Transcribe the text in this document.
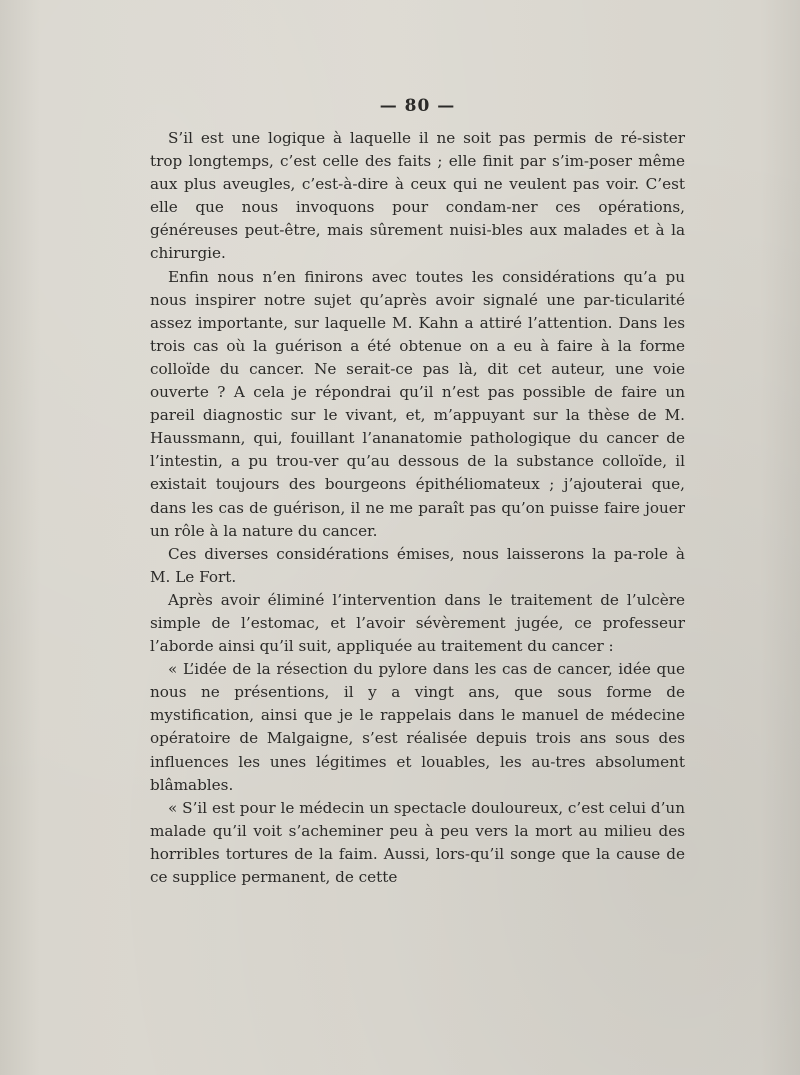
— 80 —

S’il est une logique à laquelle il ne soit pas permis de ré-sister trop longtemps, c’est celle des faits ; elle finit par s’im-poser même aux plus aveugles, c’est-à-dire à ceux qui ne veulent pas voir. C’est elle que nous invoquons pour condam-ner ces opérations, généreuses peut-être, mais sûrement nuisi-bles aux malades et à la chirurgie.

Enfin nous n’en finirons avec toutes les considérations qu’a pu nous inspirer notre sujet qu’après avoir signalé une par-ticularité assez importante, sur laquelle M. Kahn a attiré l’attention. Dans les trois cas où la guérison a été obtenue on a eu à faire à la forme colloïde du cancer. Ne serait-ce pas là, dit cet auteur, une voie ouverte ? A cela je répondrai qu’il n’est pas possible de faire un pareil diagnostic sur le vivant, et, m’appuyant sur la thèse de M. Haussmann, qui, fouillant l’ananatomie pathologique du cancer de l’intestin, a pu trou-ver qu’au dessous de la substance colloïde, il existait toujours des bourgeons épithéliomateux ; j’ajouterai que, dans les cas de guérison, il ne me paraît pas qu’on puisse faire jouer un rôle à la nature du cancer.

Ces diverses considérations émises, nous laisserons la pa-role à M. Le Fort.

Après avoir éliminé l’intervention dans le traitement de l’ulcère simple de l’estomac, et l’avoir sévèrement jugée, ce professeur l’aborde ainsi qu’il suit, appliquée au traitement du cancer :

« L’idée de la résection du pylore dans les cas de cancer, idée que nous ne présentions, il y a vingt ans, que sous forme de mystification, ainsi que je le rappelais dans le manuel de médecine opératoire de Malgaigne, s’est réalisée depuis trois ans sous des influences les unes légitimes et louables, les au-tres absolument blâmables.

« S’il est pour le médecin un spectacle douloureux, c’est celui d’un malade qu’il voit s’acheminer peu à peu vers la mort au milieu des horribles tortures de la faim. Aussi, lors-qu’il songe que la cause de ce supplice permanent, de cette
